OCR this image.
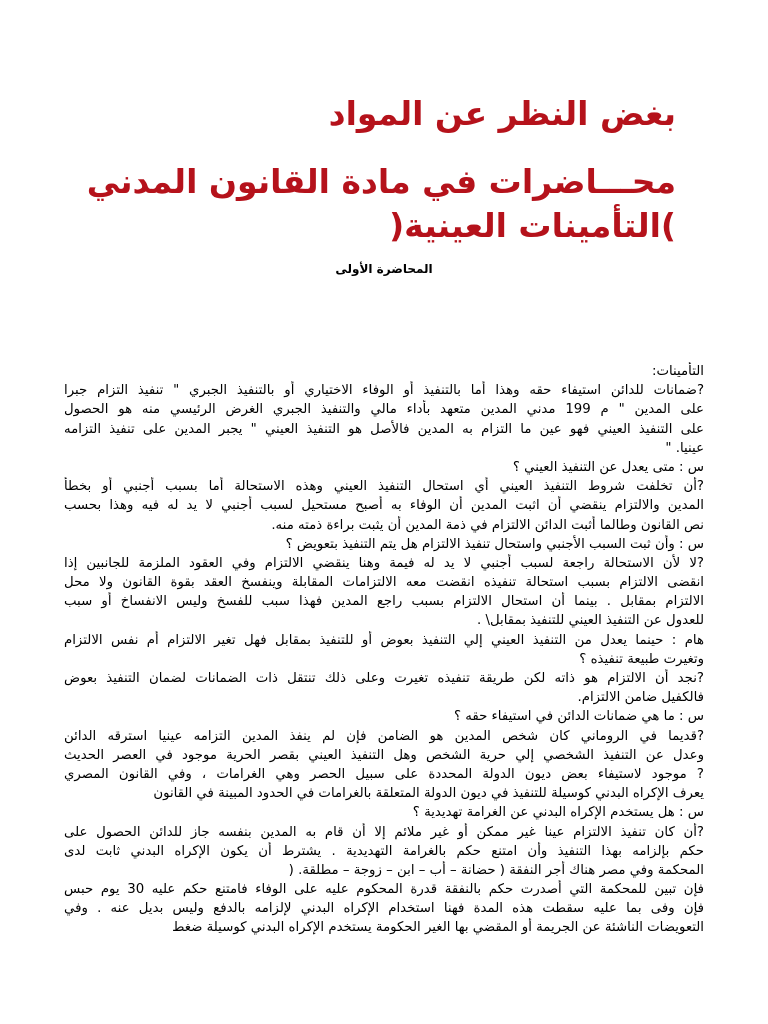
بغض النظر عن المواد
محـــاضرات في مادة القانون المدني
)التأمينات العينية(
المحاضرة الأولى
التأمينات:
?ضمانات للدائن استيفاء حقه وهذا أما بالتنفيذ أو الوفاء الاختياري أو بالتنفيذ الجبري " تنفيذ التزام جبرا
على المدين " م 199 مدني المدين متعهد بأداء مالي والتنفيذ الجبري الغرض الرئيسي منه هو الحصول
على التنفيذ العيني فهو عين ما التزام به المدين فالأصل هو التنفيذ العيني " يجبر المدين على تنفيذ التزامه
عينيا. "
س : متى يعدل عن التنفيذ العيني ؟
?أن تخلفت شروط التنفيذ العيني أي استحال التنفيذ العيني وهذه الاستحالة أما بسبب أجنبي أو بخطأ
المدين والالتزام ينقضي أن اثبت المدين أن الوفاء به أصبح مستحيل لسبب أجنبي لا يد له فيه وهذا بحسب
نص القانون وطالما أثبت الدائن الالتزام في ذمة المدين أن يثبت براءة ذمته منه.
س : وأن ثبت السبب الأجنبي واستحال تنفيذ الالتزام هل يتم التنفيذ بتعويض ؟
?لا لأن الاستحالة راجعة لسبب أجنبي لا يد له فيمة وهنا ينقضي الالتزام وفي العقود الملزمة للجانبين إذا
انقضى الالتزام بسبب استحالة تنفيذه انقضت معه الالتزامات المقابلة وينفسخ العقد بقوة القانون ولا محل
الالتزام بمقابل . بينما أن استحال الالتزام بسبب راجع المدين فهذا سبب للفسخ وليس الانفساخ أو سبب
للعدول عن التنفيذ العيني للتنفيذ بمقابل\ .
هام : حينما يعدل من التنفيذ العيني إلي التنفيذ بعوض أو للتنفيذ بمقابل فهل تغير الالتزام أم نفس الالتزام
وتغيرت طبيعة تنفيذه ؟
?نجد أن الالتزام هو ذاته لكن طريقة تنفيذه تغيرت وعلى ذلك تنتقل ذات الضمانات لضمان التنفيذ بعوض
فالكفيل ضامن الالتزام.
س : ما هي ضمانات الدائن في استيفاء حقه ؟
?قديما في الروماني كان شخص المدين هو الضامن فإن لم ينفذ المدين التزامه عينيا استرقه الدائن
وعدل عن التنفيذ الشخصي إلي حرية الشخص وهل التنفيذ العيني بقصر الحرية موجود في العصر الحديث
? موجود لاستيفاء بعض ديون الدولة المحددة على سبيل الحصر وهي الغرامات ، وفي القانون المصري
يعرف الإكراه البدني كوسيلة للتنفيذ في ديون الدولة المتعلقة بالغرامات في الحدود المبينة في القانون
س : هل يستخدم الإكراه البدني عن الغرامة تهديدية ؟
?أن كان تنفيذ الالتزام عينا غير ممكن أو غير ملائم إلا أن قام به المدين بنفسه جاز للدائن الحصول على
حكم بإلزامه بهذا التنفيذ وأن امتنع حكم بالغرامة التهديدية . يشترط أن يكون الإكراه البدني ثابت لدى
المحكمة وفي مصر هناك أجر النفقة ( حضانة – أب – ابن – زوجة – مطلقة. (
فإن تبين للمحكمة التي أصدرت حكم بالنفقة قدرة المحكوم عليه على الوفاء فامتنع حكم عليه 30 يوم حبس
فإن وفى بما عليه سقطت هذه المدة فهنا استخدام الإكراه البدني لإلزامه بالدفع وليس بديل عنه . وفي
التعويضات الناشئة عن الجريمة أو المقضي بها الغير الحكومة يستخدم الإكراه البدني كوسيلة ضغط
